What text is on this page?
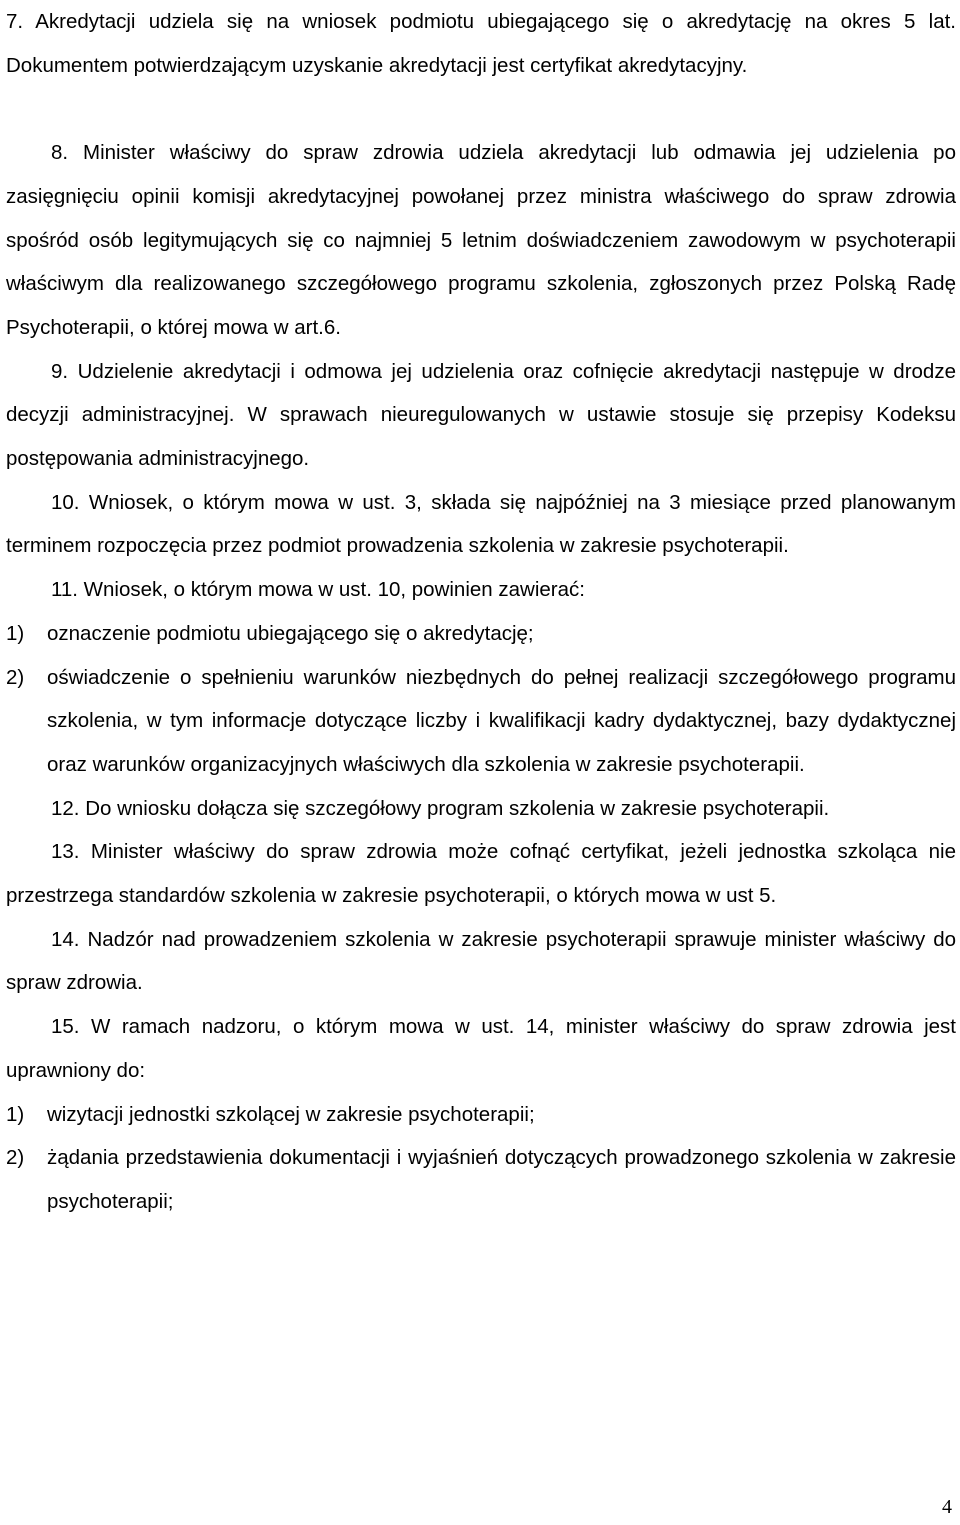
7. Akredytacji udziela się na wniosek podmiotu ubiegającego się o akredytację na okres 5 lat. Dokumentem potwierdzającym uzyskanie akredytacji jest certyfikat akredytacyjny.

8. Minister właściwy do spraw zdrowia udziela akredytacji lub odmawia jej udzielenia po zasięgnięciu opinii komisji akredytacyjnej powołanej przez ministra właściwego do spraw zdrowia spośród osób legitymujących się co najmniej 5 letnim doświadczeniem zawodowym w psychoterapii właściwym dla realizowanego szczegółowego programu szkolenia, zgłoszonych przez Polską Radę Psychoterapii, o której mowa w art.6.

9. Udzielenie akredytacji i odmowa jej udzielenia oraz cofnięcie akredytacji następuje w drodze decyzji administracyjnej. W sprawach nieuregulowanych w ustawie stosuje się przepisy Kodeksu postępowania administracyjnego.

10. Wniosek, o którym mowa w ust. 3, składa się najpóźniej na 3 miesiące przed planowanym terminem rozpoczęcia przez podmiot prowadzenia szkolenia w zakresie psychoterapii.

11. Wniosek, o którym mowa w ust. 10, powinien zawierać:

1)	oznaczenie podmiotu ubiegającego się o akredytację;
2)	oświadczenie o spełnieniu warunków niezbędnych do pełnej realizacji szczegółowego programu szkolenia, w tym informacje dotyczące liczby i kwalifikacji kadry dydaktycznej, bazy dydaktycznej oraz warunków organizacyjnych właściwych dla szkolenia w zakresie psychoterapii.

12. Do wniosku dołącza się szczegółowy program szkolenia w zakresie psychoterapii.

13. Minister właściwy do spraw zdrowia może cofnąć certyfikat, jeżeli jednostka szkoląca nie przestrzega standardów szkolenia w zakresie psychoterapii, o których mowa w ust 5.

14. Nadzór nad prowadzeniem szkolenia w zakresie psychoterapii sprawuje minister właściwy do spraw zdrowia.

15. W ramach nadzoru, o którym mowa w ust. 14, minister właściwy do spraw zdrowia jest uprawniony do:

1)	wizytacji jednostki szkolącej w zakresie psychoterapii;
2)	żądania przedstawienia dokumentacji i wyjaśnień dotyczących prowadzonego szkolenia w zakresie psychoterapii;
4
